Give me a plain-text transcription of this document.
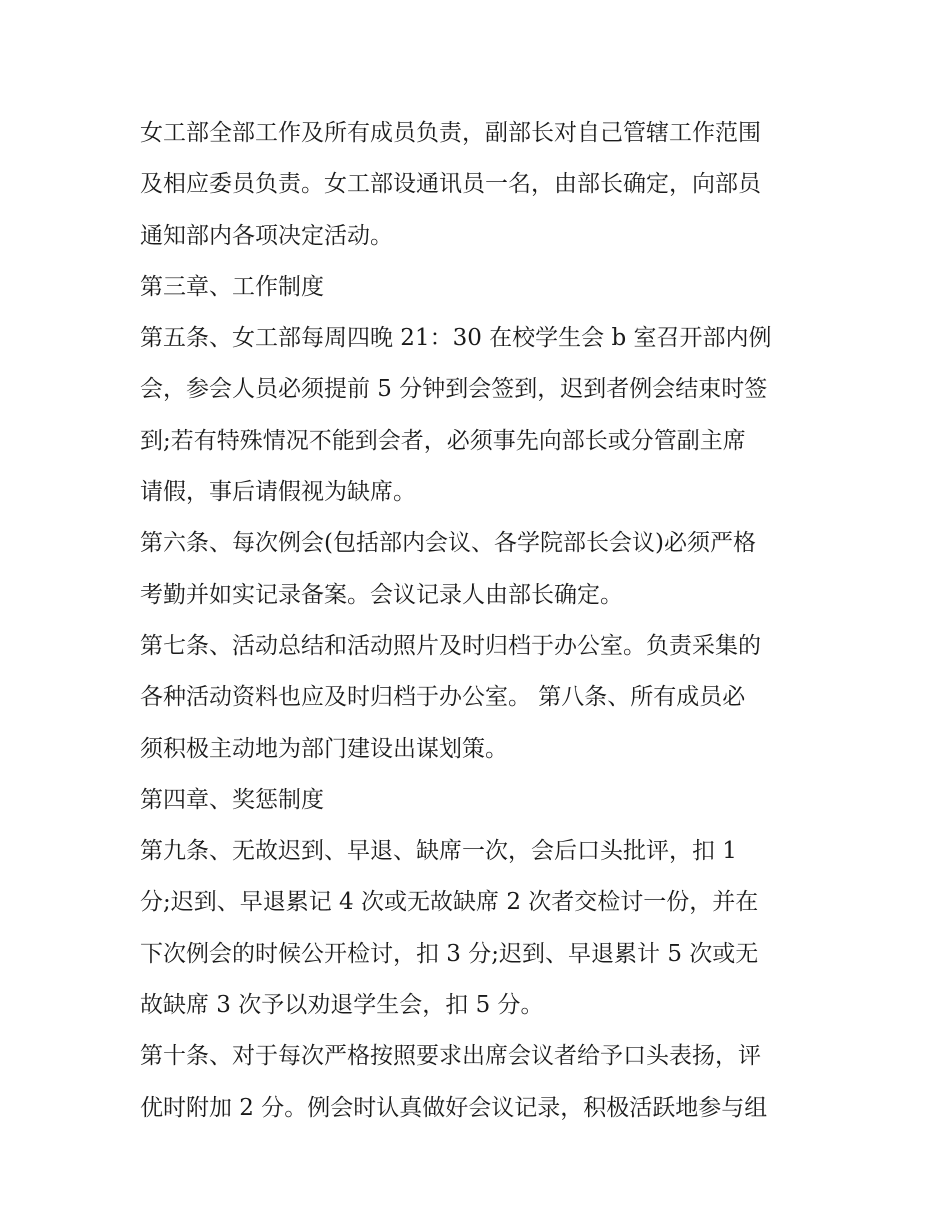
女工部全部工作及所有成员负责，副部长对自己管辖工作范围
及相应委员负责。女工部设通讯员一名，由部长确定，向部员
通知部内各项决定活动。
第三章、工作制度
第五条、女工部每周四晚 21：30 在校学生会 b 室召开部内例
会，参会人员必须提前 5 分钟到会签到，迟到者例会结束时签
到;若有特殊情况不能到会者，必须事先向部长或分管副主席
请假，事后请假视为缺席。
第六条、每次例会(包括部内会议、各学院部长会议)必须严格
考勤并如实记录备案。会议记录人由部长确定。
第七条、活动总结和活动照片及时归档于办公室。负责采集的
各种活动资料也应及时归档于办公室。 第八条、所有成员必
须积极主动地为部门建设出谋划策。
第四章、奖惩制度
第九条、无故迟到、早退、缺席一次，会后口头批评，扣 1
分;迟到、早退累记 4 次或无故缺席 2 次者交检讨一份，并在
下次例会的时候公开检讨，扣 3 分;迟到、早退累计 5 次或无
故缺席 3 次予以劝退学生会，扣 5 分。
第十条、对于每次严格按照要求出席会议者给予口头表扬，评
优时附加 2 分。例会时认真做好会议记录，积极活跃地参与组
